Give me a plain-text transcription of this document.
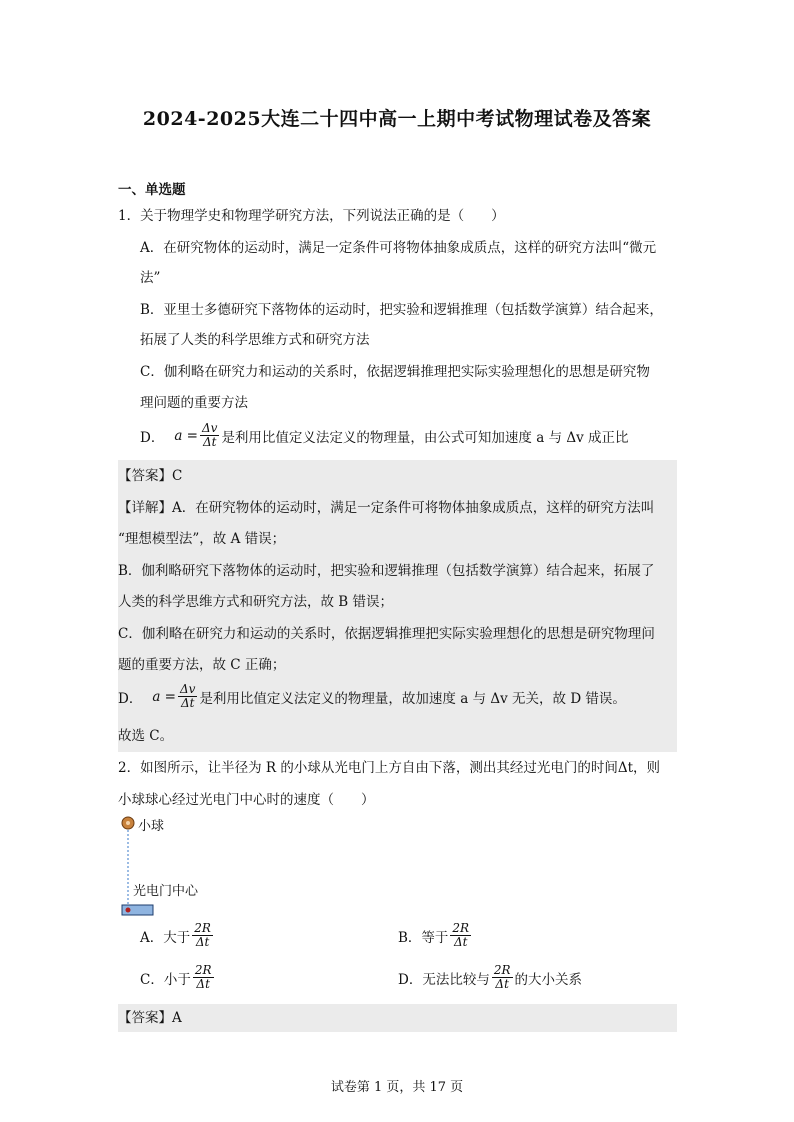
2024-2025大连二十四中高一上期中考试物理试卷及答案
一、单选题
1．关于物理学史和物理学研究方法，下列说法正确的是（　　）
A．在研究物体的运动时，满足一定条件可将物体抽象成质点，这样的研究方法叫“微元
法”
B．亚里士多德研究下落物体的运动时，把实验和逻辑推理（包括数学演算）结合起来，
拓展了人类的科学思维方式和研究方法
C．伽利略在研究力和运动的关系时，依据逻辑推理把实际实验理想化的思想是研究物
理问题的重要方法
D． $a = \frac{\Delta v}{\Delta t}$ 是利用比值定义法定义的物理量，由公式可知加速度 a 与 Δv 成正比
【答案】C
【详解】A．在研究物体的运动时，满足一定条件可将物体抽象成质点，这样的研究方法叫
“理想模型法”，故 A 错误；
B．伽利略研究下落物体的运动时，把实验和逻辑推理（包括数学演算）结合起来，拓展了
人类的科学思维方式和研究方法，故 B 错误；
C．伽利略在研究力和运动的关系时，依据逻辑推理把实际实验理想化的思想是研究物理问
题的重要方法，故 C 正确；
D． $a = \frac{\Delta v}{\Delta t}$ 是利用比值定义法定义的物理量，故加速度 a 与 Δv 无关，故 D 错误。
故选 C。
2．如图所示，让半径为 R 的小球从光电门上方自由下落，测出其经过光电门的时间Δt，则
小球球心经过光电门中心时的速度（　　）
小球
光电门中心
A．大于 $\frac{2R}{\Delta t}$	B．等于 $\frac{2R}{\Delta t}$
C．小于 $\frac{2R}{\Delta t}$	D．无法比较与 $\frac{2R}{\Delta t}$ 的大小关系
【答案】A
试卷第 1 页，共 17 页
